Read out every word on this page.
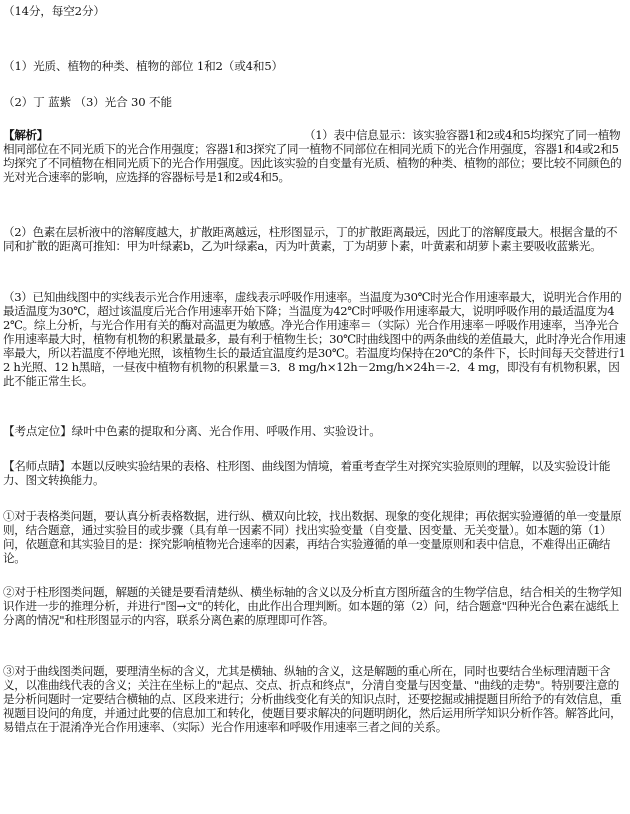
（14分，每空2分）

（1）光质、植物的种类、植物的部位 1和2（或4和5）

（2）丁 蓝紫 （3）光合 30 不能

【解析】	（1）表中信息显示：该实验容器1和2或4和5均探究了同一植物相同部位在不同光质下的光合作用强度；容器1和3探究了同一植物不同部位在相同光质下的光合作用强度，容器1和4或2和5均探究了不同植物在相同光质下的光合作用强度。因此该实验的自变量有光质、植物的种类、植物的部位；要比较不同颜色的光对光合速率的影响，应选择的容器标号是1和2或4和5。

（2）色素在层析液中的溶解度越大，扩散距离越远，柱形图显示，丁的扩散距离最远，因此丁的溶解度最大。根据含量的不同和扩散的距离可推知：甲为叶绿素b，乙为叶绿素a，丙为叶黄素，丁为胡萝卜素，叶黄素和胡萝卜素主要吸收蓝紫光。

（3）已知曲线图中的实线表示光合作用速率，虚线表示呼吸作用速率。当温度为30℃时光合作用速率最大，说明光合作用的最适温度为30℃，超过该温度后光合作用速率开始下降；当温度为42℃时呼吸作用速率最大，说明呼吸作用的最适温度为42℃。综上分析，与光合作用有关的酶对高温更为敏感。净光合作用速率＝（实际）光合作用速率－呼吸作用速率，当净光合作用速率最大时，植物有机物的积累量最多，最有利于植物生长；30℃时曲线图中的两条曲线的差值最大，此时净光合作用速率最大，所以若温度不停地光照，该植物生长的最适宜温度约是30℃。若温度均保持在20℃的条件下，长时间每天交替进行12 h光照、12 h黑暗，一昼夜中植物有机物的积累量＝3．8 mg/h×12h－2mg/h×24h＝-2．4 mg，即没有有机物积累，因此不能正常生长。

【考点定位】绿叶中色素的提取和分离、光合作用、呼吸作用、实验设计。

【名师点睛】本题以反映实验结果的表格、柱形图、曲线图为情境，着重考查学生对探究实验原则的理解，以及实验设计能力、图文转换能力。

①对于表格类问题，要认真分析表格数据，进行纵、横双向比较，找出数据、现象的变化规律；再依据实验遵循的单一变量原则，结合题意，通过实验目的或步骤（具有单一因素不同）找出实验变量（自变量、因变量、无关变量）。如本题的第（1）问，依题意和其实验目的是：探究影响植物光合速率的因素，再结合实验遵循的单一变量原则和表中信息，不难得出正确结论。

②对于柱形图类问题，解题的关键是要看清楚纵、横坐标轴的含义以及分析直方图所蕴含的生物学信息，结合相关的生物学知识作进一步的推理分析，并进行"图→文"的转化，由此作出合理判断。如本题的第（2）问，结合题意"四种光合色素在滤纸上分离的情况"和柱形图显示的内容，联系分离色素的原理即可作答。

③对于曲线图类问题，要理清坐标的含义，尤其是横轴、纵轴的含义，这是解题的重心所在，同时也要结合坐标理清题干含义，以准曲线代表的含义；关注在坐标上的"起点、交点、折点和终点"，分清自变量与因变量、"曲线的走势"。特别要注意的是分析问题时一定要结合横轴的点、区段来进行；分析曲线变化有关的知识点时，还要挖掘或捕提题目所给予的有效信息，重视题目设问的角度，并通过此要的信息加工和转化，使题目要求解决的问题明朗化，然后运用所学知识分析作答。解答此问，易错点在于混淆净光合作用速率、（实际）光合作用速率和呼吸作用速率三者之间的关系。
